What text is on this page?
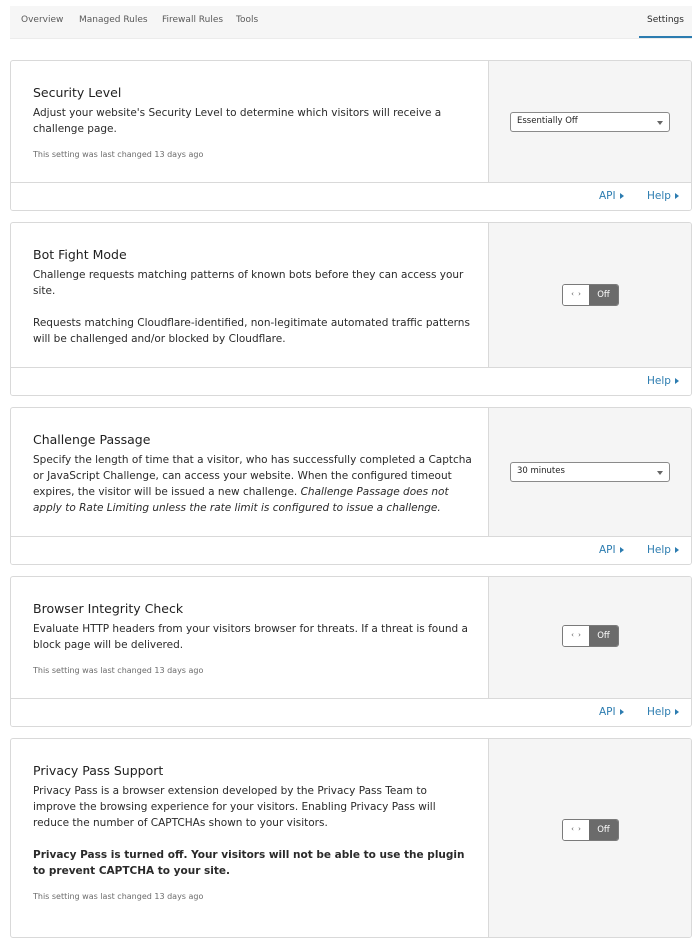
Overview Managed Rules Firewall Rules Tools	Settings
Security Level
Adjust your website's Security Level to determine which visitors will receive a challenge page.
This setting was last changed 13 days ago
Essentially Off
API	Help
Bot Fight Mode
Challenge requests matching patterns of known bots before they can access your site.
Requests matching Cloudflare-identified, non-legitimate automated traffic patterns will be challenged and/or blocked by Cloudflare.
‹ ›	Off
Help
Challenge Passage
Specify the length of time that a visitor, who has successfully completed a Captcha or JavaScript Challenge, can access your website. When the configured timeout expires, the visitor will be issued a new challenge. Challenge Passage does not apply to Rate Limiting unless the rate limit is configured to issue a challenge.
30 minutes
API	Help
Browser Integrity Check
Evaluate HTTP headers from your visitors browser for threats. If a threat is found a block page will be delivered.
This setting was last changed 13 days ago
‹ ›	Off
API	Help
Privacy Pass Support
Privacy Pass is a browser extension developed by the Privacy Pass Team to improve the browsing experience for your visitors. Enabling Privacy Pass will reduce the number of CAPTCHAs shown to your visitors.
Privacy Pass is turned off. Your visitors will not be able to use the plugin to prevent CAPTCHA to your site.
This setting was last changed 13 days ago
‹ ›	Off
